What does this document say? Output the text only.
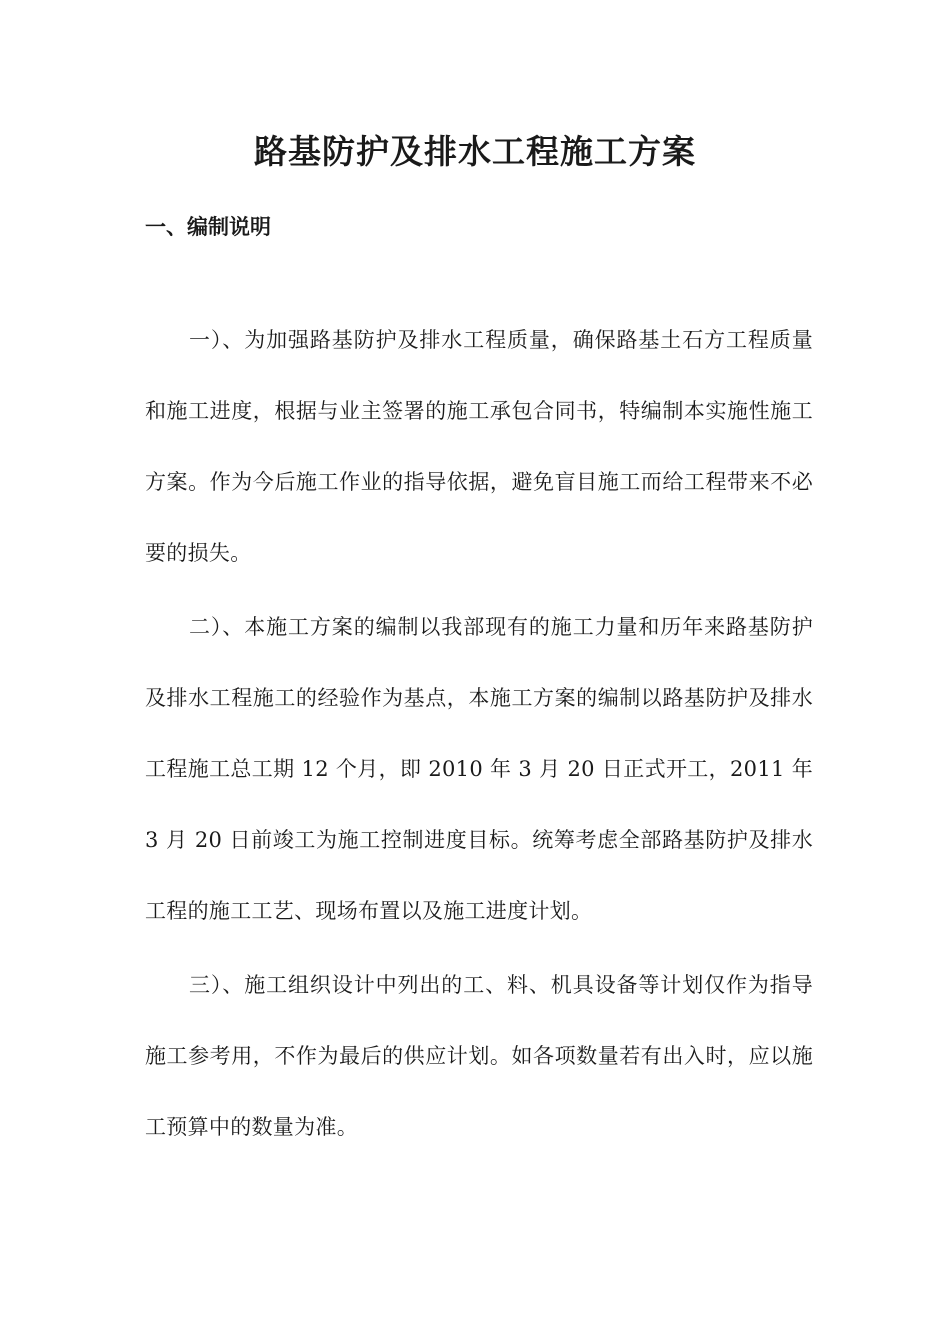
路基防护及排水工程施工方案
一、编制说明

一）、为加强路基防护及排水工程质量，确保路基土石方工程质量和施工进度，根据与业主签署的施工承包合同书，特编制本实施性施工方案。作为今后施工作业的指导依据，避免盲目施工而给工程带来不必要的损失。

二）、本施工方案的编制以我部现有的施工力量和历年来路基防护及排水工程施工的经验作为基点，本施工方案的编制以路基防护及排水工程施工总工期 12 个月，即 2010 年 3 月 20 日正式开工，2011 年 3 月 20 日前竣工为施工控制进度目标。统筹考虑全部路基防护及排水工程的施工工艺、现场布置以及施工进度计划。

三）、施工组织设计中列出的工、料、机具设备等计划仅作为指导施工参考用，不作为最后的供应计划。如各项数量若有出入时，应以施工预算中的数量为准。
